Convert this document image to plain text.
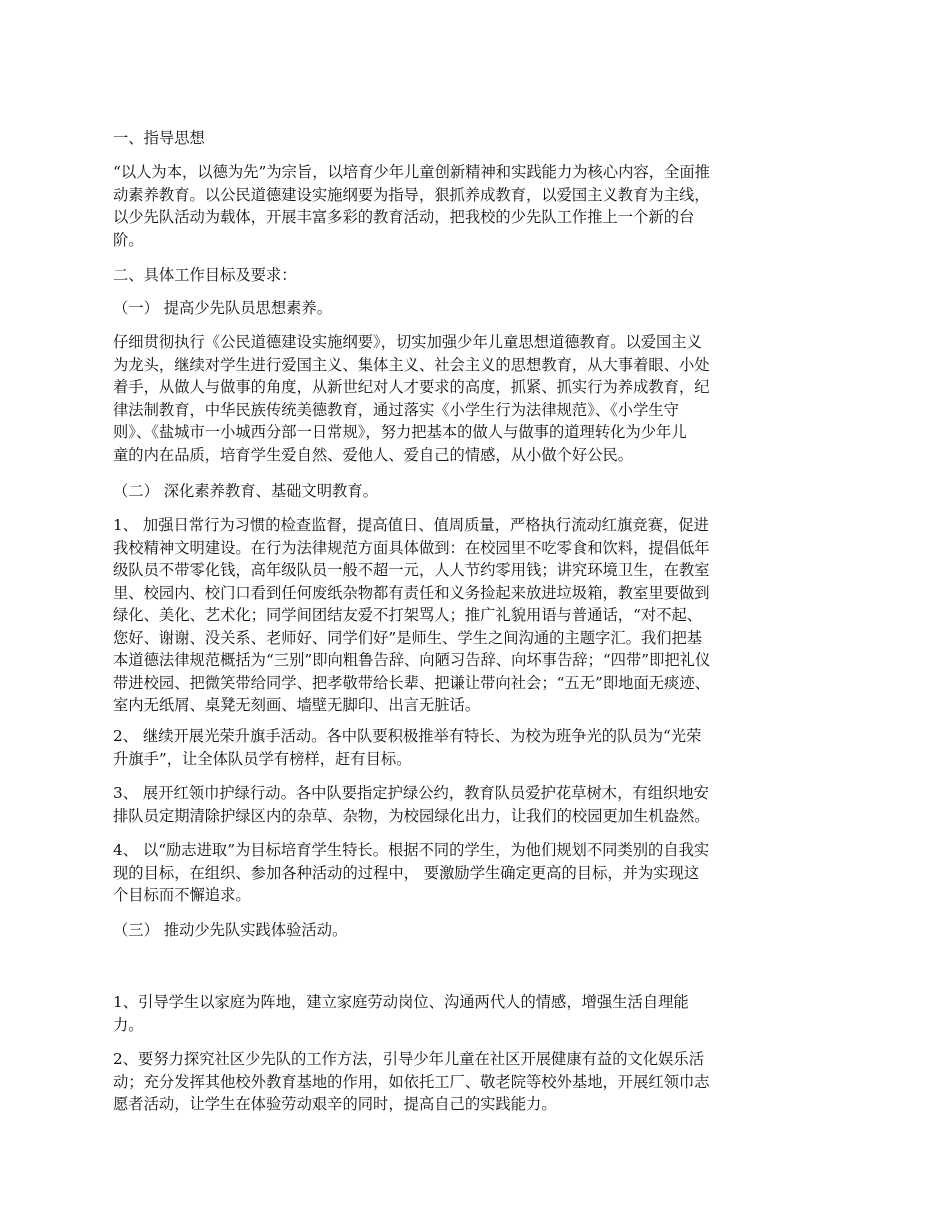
一、指导思想

“以人为本，以德为先”为宗旨，以培育少年儿童创新精神和实践能力为核心内容，全面推
动素养教育。以公民道德建设实施纲要为指导，狠抓养成教育，以爱国主义教育为主线，
以少先队活动为载体，开展丰富多彩的教育活动，把我校的少先队工作推上一个新的台
阶。

二、具体工作目标及要求：

（一） 提高少先队员思想素养。

仔细贯彻执行《公民道德建设实施纲要》，切实加强少年儿童思想道德教育。以爱国主义
为龙头，继续对学生进行爱国主义、集体主义、社会主义的思想教育，从大事着眼、小处
着手，从做人与做事的角度，从新世纪对人才要求的高度，抓紧、抓实行为养成教育，纪
律法制教育，中华民族传统美德教育，通过落实《小学生行为法律规范》、《小学生守
则》、《盐城市一小城西分部一日常规》，努力把基本的做人与做事的道理转化为少年儿
童的内在品质，培育学生爱自然、爱他人、爱自己的情感，从小做个好公民。

（二） 深化素养教育、基础文明教育。

1、 加强日常行为习惯的检查监督，提高值日、值周质量，严格执行流动红旗竞赛，促进
我校精神文明建设。在行为法律规范方面具体做到：在校园里不吃零食和饮料，提倡低年
级队员不带零化钱，高年级队员一般不超一元，人人节约零用钱；讲究环境卫生，在教室
里、校园内、校门口看到任何废纸杂物都有责任和义务捡起来放进垃圾箱，教室里要做到
绿化、美化、艺术化；同学间团结友爱不打架骂人；推广礼貌用语与普通话，“对不起、
您好、谢谢、没关系、老师好、同学们好”是师生、学生之间沟通的主题字汇。我们把基
本道德法律规范概括为“三别”即向粗鲁告辞、向陋习告辞、向坏事告辞；“四带”即把礼仪
带进校园、把微笑带给同学、把孝敬带给长辈、把谦让带向社会；“五无”即地面无痰迹、
室内无纸屑、桌凳无刻画、墙壁无脚印、出言无脏话。

2、 继续开展光荣升旗手活动。各中队要积极推举有特长、为校为班争光的队员为“光荣
升旗手”，让全体队员学有榜样，赶有目标。

3、 展开红领巾护绿行动。各中队要指定护绿公约，教育队员爱护花草树木，有组织地安
排队员定期清除护绿区内的杂草、杂物，为校园绿化出力，让我们的校园更加生机盎然。

4、 以“励志进取”为目标培育学生特长。根据不同的学生，为他们规划不同类别的自我实
现的目标，在组织、参加各种活动的过程中， 要激励学生确定更高的目标，并为实现这
个目标而不懈追求。

（三） 推动少先队实践体验活动。

1、引导学生以家庭为阵地，建立家庭劳动岗位、沟通两代人的情感，增强生活自理能
力。

2、要努力探究社区少先队的工作方法，引导少年儿童在社区开展健康有益的文化娱乐活
动；充分发挥其他校外教育基地的作用，如依托工厂、敬老院等校外基地，开展红领巾志
愿者活动，让学生在体验劳动艰辛的同时，提高自己的实践能力。
